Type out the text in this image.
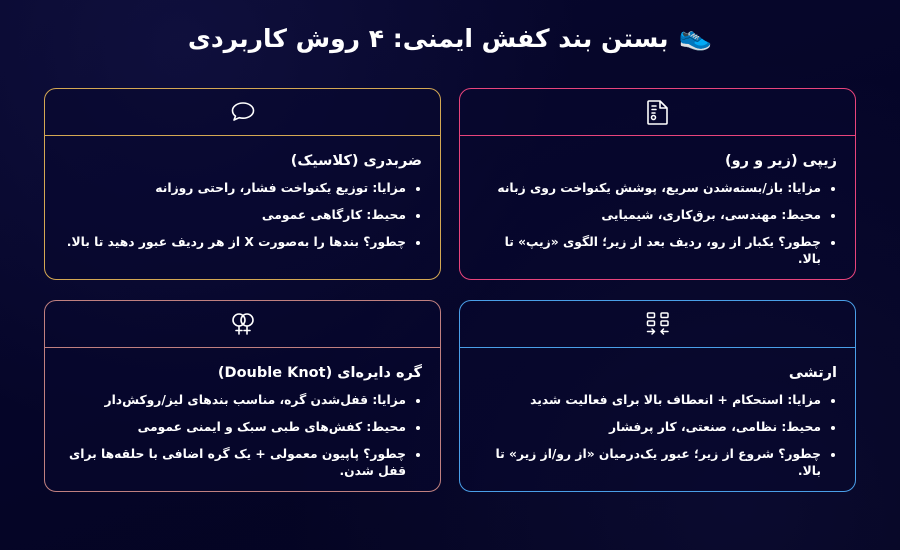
👟
بستن بند کفش ایمنی: ۴ روش کاربردی
زیپی (زیر و رو)
مزایا: باز/بسته‌شدن سریع، پوشش یکنواخت روی زبانه
محیط: مهندسی، برق‌کاری، شیمیایی
چطور؟ یکبار از رو، ردیف بعد از زیر؛ الگوی «زیپ» تا بالا.
ضربدری (کلاسیک)
مزایا: توزیع یکنواخت فشار، راحتی روزانه
محیط: کارگاهی عمومی
چطور؟ بندها را به‌صورت X از هر ردیف عبور دهید تا بالا.
ارتشی
مزایا: استحکام + انعطاف بالا برای فعالیت شدید
محیط: نظامی، صنعتی، کار پرفشار
چطور؟ شروع از زیر؛ عبور یک‌درمیان «از رو/از زیر» تا بالا.
گره دایره‌ای (Double Knot)
مزایا: قفل‌شدن گره، مناسب بندهای لیز/روکش‌دار
محیط: کفش‌های طبی سبک و ایمنی عمومی
چطور؟ پاپیون معمولی + یک گره اضافی با حلقه‌ها برای قفل شدن.
